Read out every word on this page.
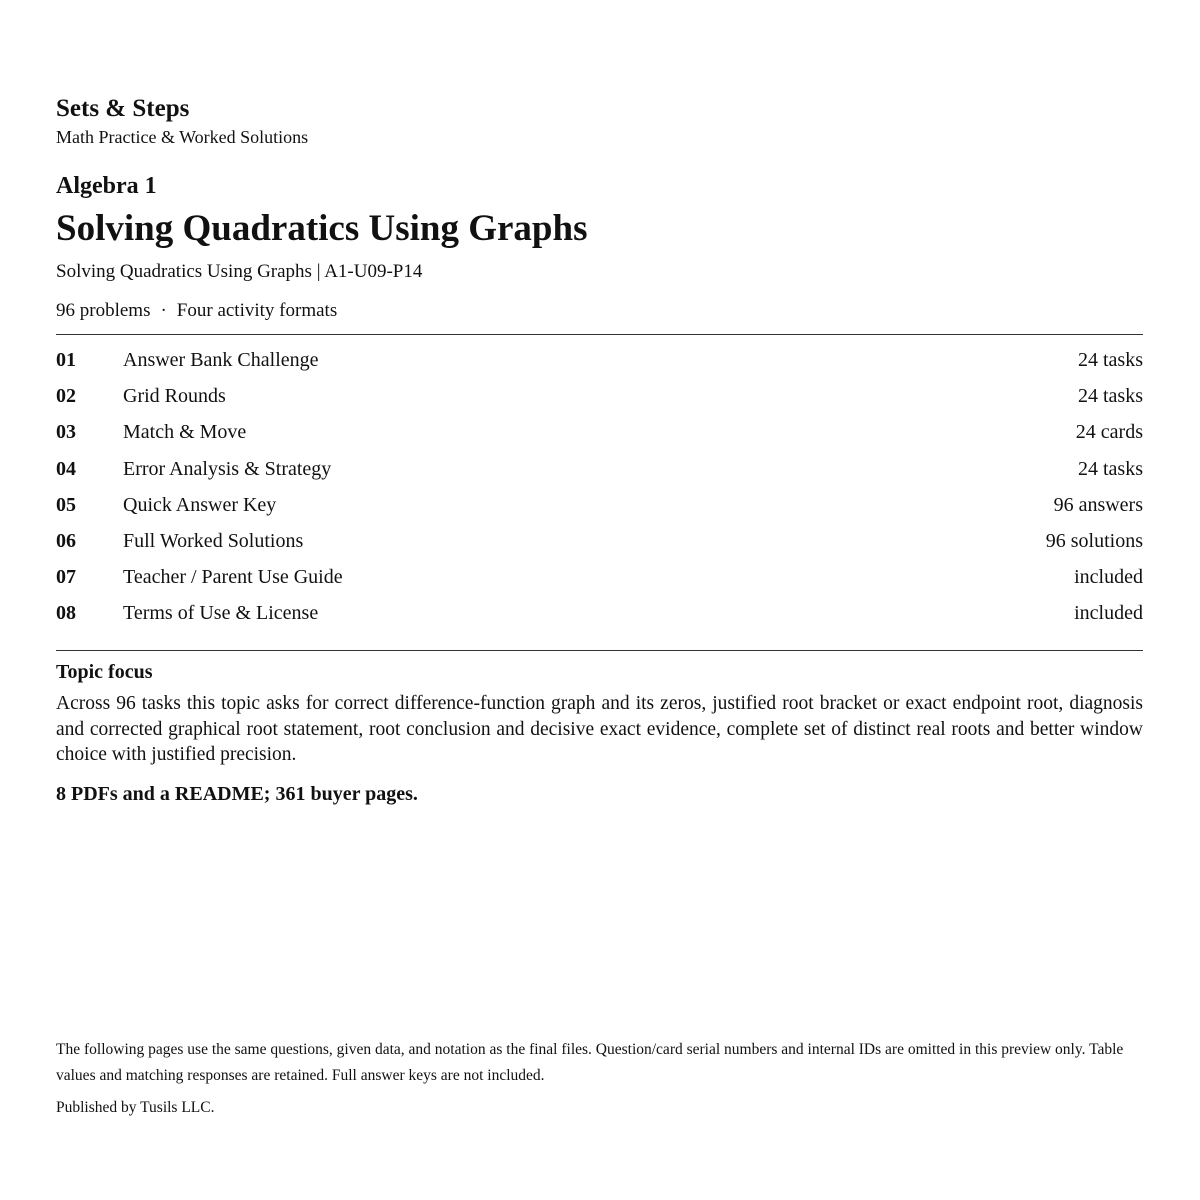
Sets & Steps
Math Practice & Worked Solutions
Algebra 1
Solving Quadratics Using Graphs
Solving Quadratics Using Graphs | A1-U09-P14
96 problems · Four activity formats
01 Answer Bank Challenge	24 tasks
02 Grid Rounds	24 tasks
03 Match & Move	24 cards
04 Error Analysis & Strategy	24 tasks
05 Quick Answer Key	96 answers
06 Full Worked Solutions	96 solutions
07 Teacher / Parent Use Guide	included
08 Terms of Use & License	included
Topic focus
Across 96 tasks this topic asks for correct difference-function graph and its zeros, justified root bracket or exact endpoint root, diagnosis and corrected graphical root statement, root conclusion and decisive exact evidence, complete set of distinct real roots and better window choice with justified precision.
8 PDFs and a README; 361 buyer pages.
The following pages use the same questions, given data, and notation as the final files. Question/card serial numbers and internal IDs are omitted in this preview only. Table values and matching responses are retained. Full answer keys are not included.
Published by Tusils LLC.
